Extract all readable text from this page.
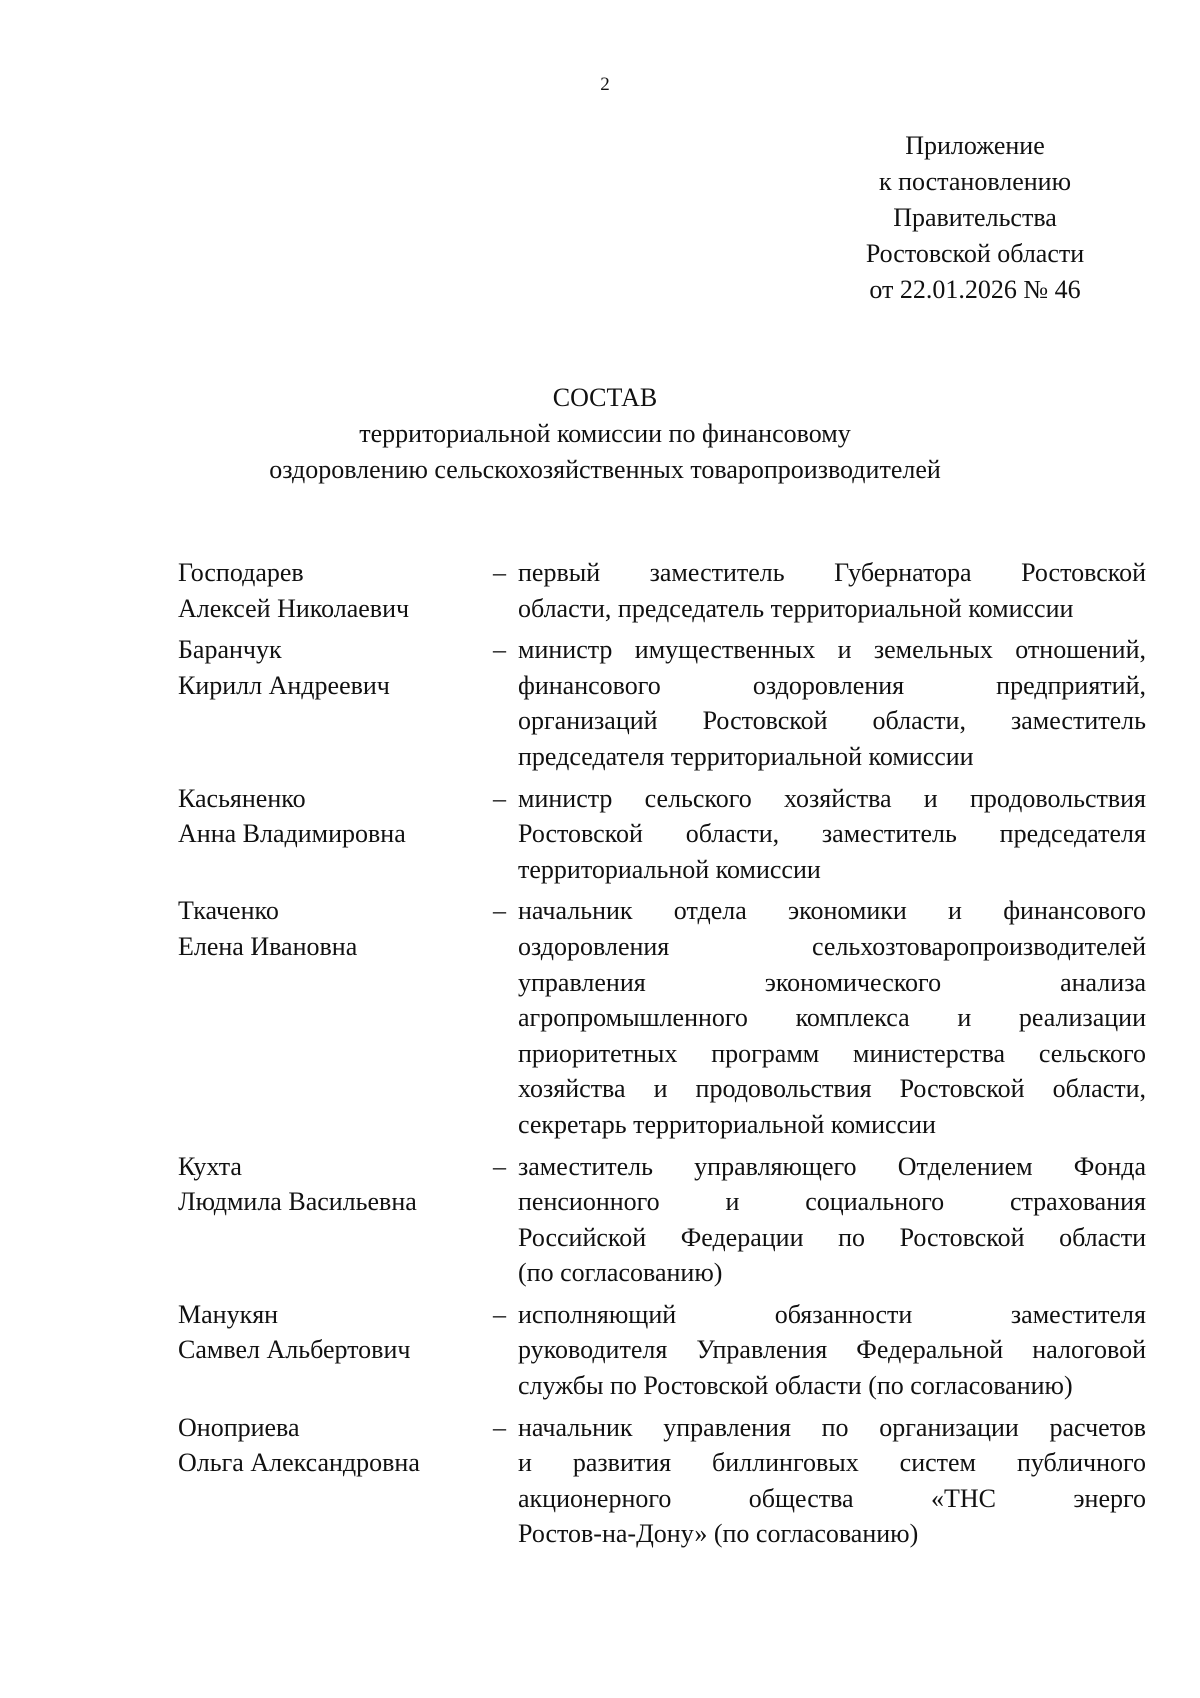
2
Приложение
к постановлению
Правительства
Ростовской области
от 22.01.2026 № 46
СОСТАВ
территориальной комиссии по финансовому
оздоровлению сельскохозяйственных товаропроизводителей
Господарев
Алексей Николаевич
– первый заместитель Губернатора Ростовской
области, председатель территориальной комиссии
Баранчук
Кирилл Андреевич
– министр имущественных и земельных отношений,
финансового оздоровления предприятий,
организаций Ростовской области, заместитель
председателя территориальной комиссии
Касьяненко
Анна Владимировна
– министр сельского хозяйства и продовольствия
Ростовской области, заместитель председателя
территориальной комиссии
Ткаченко
Елена Ивановна
– начальник отдела экономики и финансового
оздоровления сельхозтоваропроизводителей
управления экономического анализа
агропромышленного комплекса и реализации
приоритетных программ министерства сельского
хозяйства и продовольствия Ростовской области,
секретарь территориальной комиссии
Кухта
Людмила Васильевна
– заместитель управляющего Отделением Фонда
пенсионного и социального страхования
Российской Федерации по Ростовской области
(по согласованию)
Манукян
Самвел Альбертович
– исполняющий обязанности заместителя
руководителя Управления Федеральной налоговой
службы по Ростовской области (по согласованию)
Оноприева
Ольга Александровна
– начальник управления по организации расчетов
и развития биллинговых систем публичного
акционерного общества «ТНС энерго
Ростов-на-Дону» (по согласованию)
